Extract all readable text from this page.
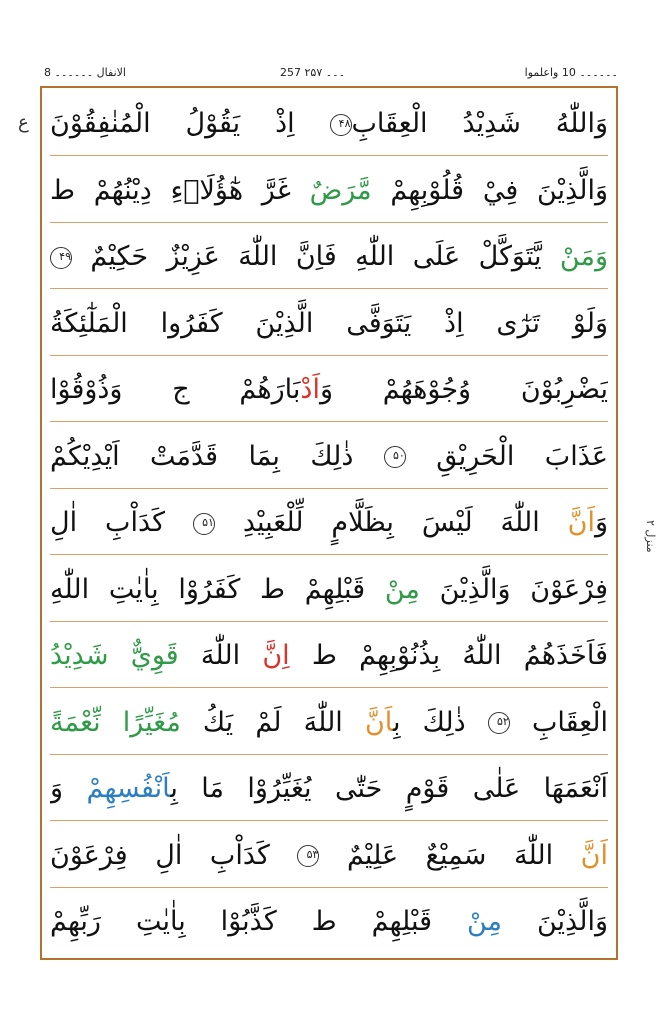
8 الانفال ۔۔۔۔۔۔	257 ۔۔۔ ۲۵۷	۔۔۔۔۔۔ 10 واعلموا
ع
منزل ۲
وَاللّٰهُ شَدِيْدُ الْعِقَابِ۴۸ اِذْ يَقُوْلُ الْمُنٰفِقُوْنَ
وَالَّذِيْنَ فِيْ قُلُوْبِهِمْ مَّرَضٌ غَرَّ هٰٓؤُلَاۤءِ دِيْنُهُمْ ط
وَمَنْ يَّتَوَكَّلْ عَلَى اللّٰهِ فَاِنَّ اللّٰهَ عَزِيْزٌ حَكِيْمٌ ۴۹
وَلَوْ تَرٰٓى اِذْ يَتَوَفَّى الَّذِيْنَ كَفَرُوا الْمَلٰٓئِكَةُ
يَضْرِبُوْنَ وُجُوْهَهُمْ وَاَدْبَارَهُمْ ج وَذُوْقُوْا
عَذَابَ الْحَرِيْقِ ۵۰ ذٰلِكَ بِمَا قَدَّمَتْ اَيْدِيْكُمْ
وَاَنَّ اللّٰهَ لَيْسَ بِظَلَّامٍ لِّلْعَبِيْدِ ۵۱ كَدَاْبِ اٰلِ
فِرْعَوْنَ وَالَّذِيْنَ مِنْ قَبْلِهِمْ ط كَفَرُوْا بِاٰيٰتِ اللّٰهِ
فَاَخَذَهُمُ اللّٰهُ بِذُنُوْبِهِمْ ط اِنَّ اللّٰهَ قَوِيٌّ شَدِيْدُ
الْعِقَابِ ۵۲ ذٰلِكَ بِاَنَّ اللّٰهَ لَمْ يَكُ مُغَيِّرًا نِّعْمَةً
اَنْعَمَهَا عَلٰى قَوْمٍ حَتّٰى يُغَيِّرُوْا مَا بِاَنْفُسِهِمْ وَ
اَنَّ اللّٰهَ سَمِيْعٌ عَلِيْمٌ ۵۳ كَدَاْبِ اٰلِ فِرْعَوْنَ
وَالَّذِيْنَ مِنْ قَبْلِهِمْ ط كَذَّبُوْا بِاٰيٰتِ رَبِّهِمْ
